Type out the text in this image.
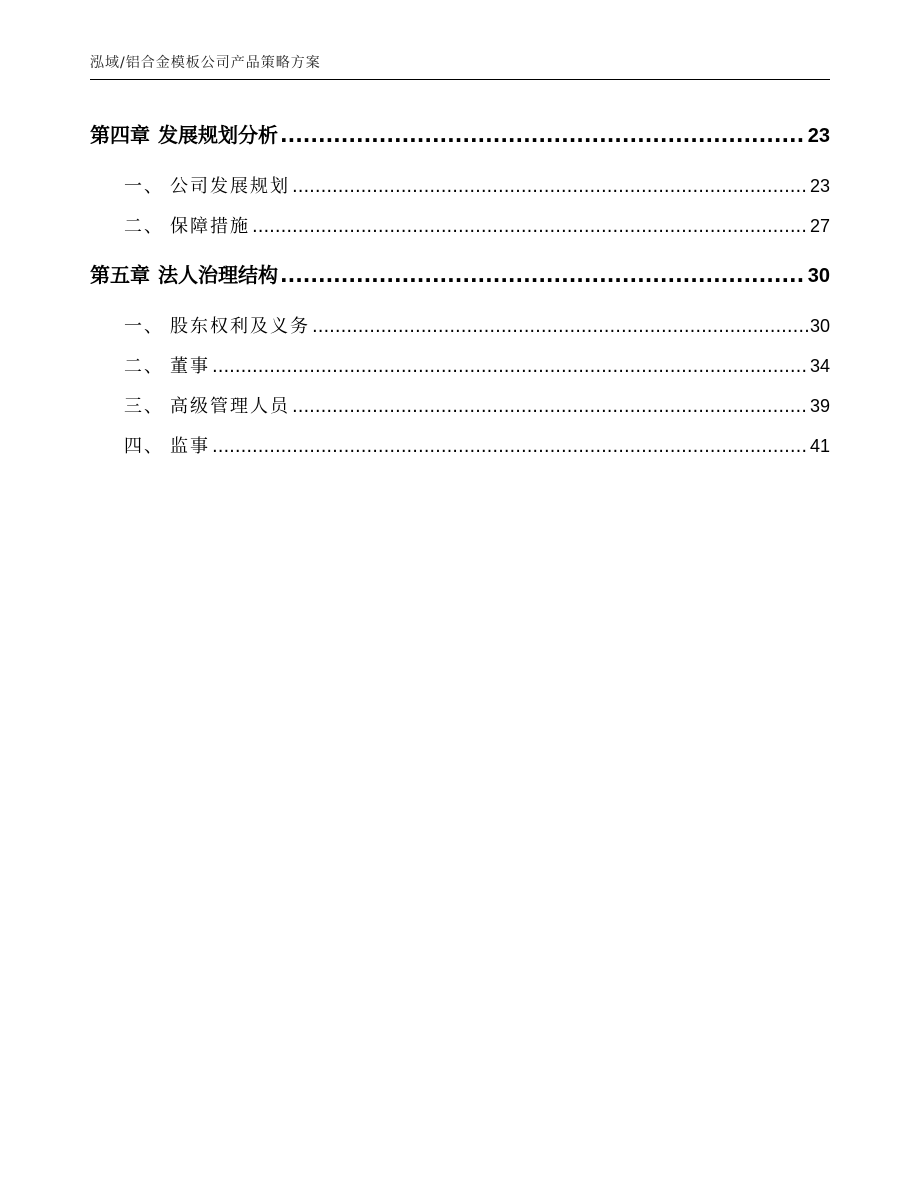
泓域/铝合金模板公司产品策略方案
第四章 发展规划分析 .....	23
一、 公司发展规划 .....	23
二、 保障措施 .....	27
第五章 法人治理结构 .....	30
一、 股东权利及义务 .....	30
二、 董事 .....	34
三、 高级管理人员 .....	39
四、 监事 .....	41
